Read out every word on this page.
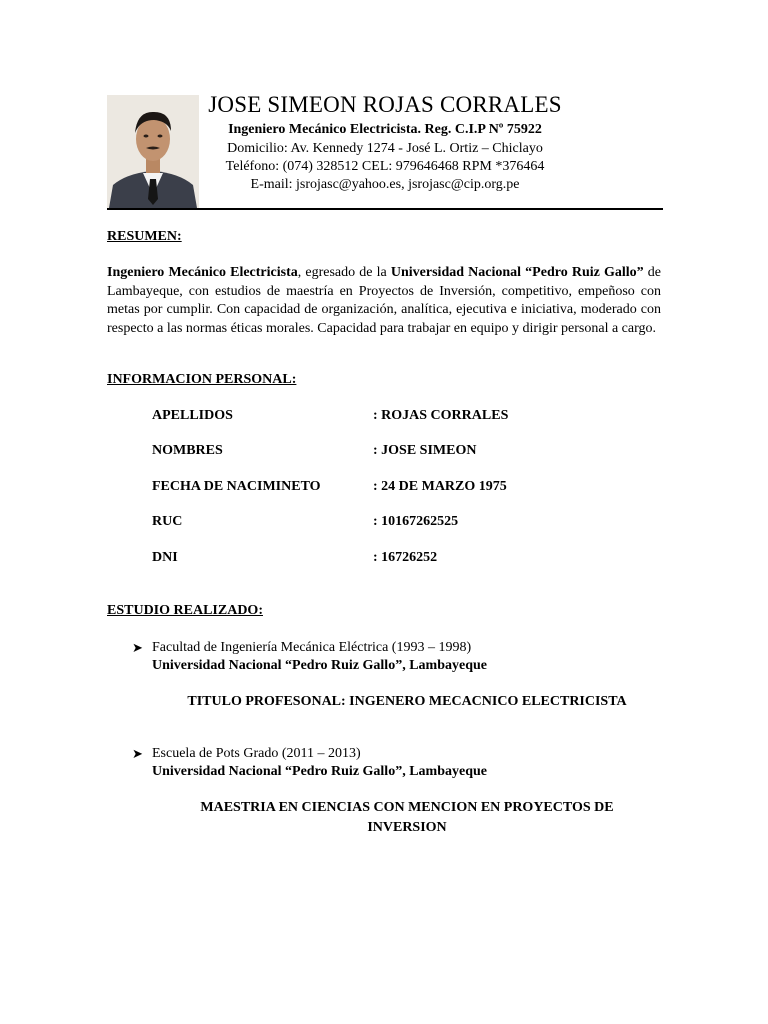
JOSE SIMEON ROJAS CORRALES
Ingeniero Mecánico Electricista. Reg. C.I.P Nº 75922
Domicilio: Av. Kennedy 1274 - José L. Ortiz – Chiclayo
Teléfono: (074) 328512 CEL: 979646468 RPM *376464
E-mail: jsrojasc@yahoo.es, jsrojasc@cip.org.pe
RESUMEN:
Ingeniero Mecánico Electricista, egresado de la Universidad Nacional “Pedro Ruiz Gallo” de Lambayeque, con estudios de maestría en Proyectos de Inversión, competitivo, empeñoso con metas por cumplir. Con capacidad de organización, analítica, ejecutiva e iniciativa, moderado con respecto a las normas éticas morales. Capacidad para trabajar en equipo y dirigir personal a cargo.
INFORMACION PERSONAL:
APELLIDOS	: ROJAS CORRALES
NOMBRES	: JOSE SIMEON
FECHA DE NACIMINETO	: 24 DE MARZO 1975
RUC	: 10167262525
DNI	: 16726252
ESTUDIO REALIZADO:
➤ Facultad de Ingeniería Mecánica Eléctrica (1993 – 1998)
Universidad Nacional “Pedro Ruiz Gallo”, Lambayeque
TITULO PROFESONAL: INGENERO MECACNICO ELECTRICISTA
➤ Escuela de Pots Grado (2011 – 2013)
Universidad Nacional “Pedro Ruiz Gallo”, Lambayeque
MAESTRIA EN CIENCIAS CON MENCION EN PROYECTOS DE
INVERSION
